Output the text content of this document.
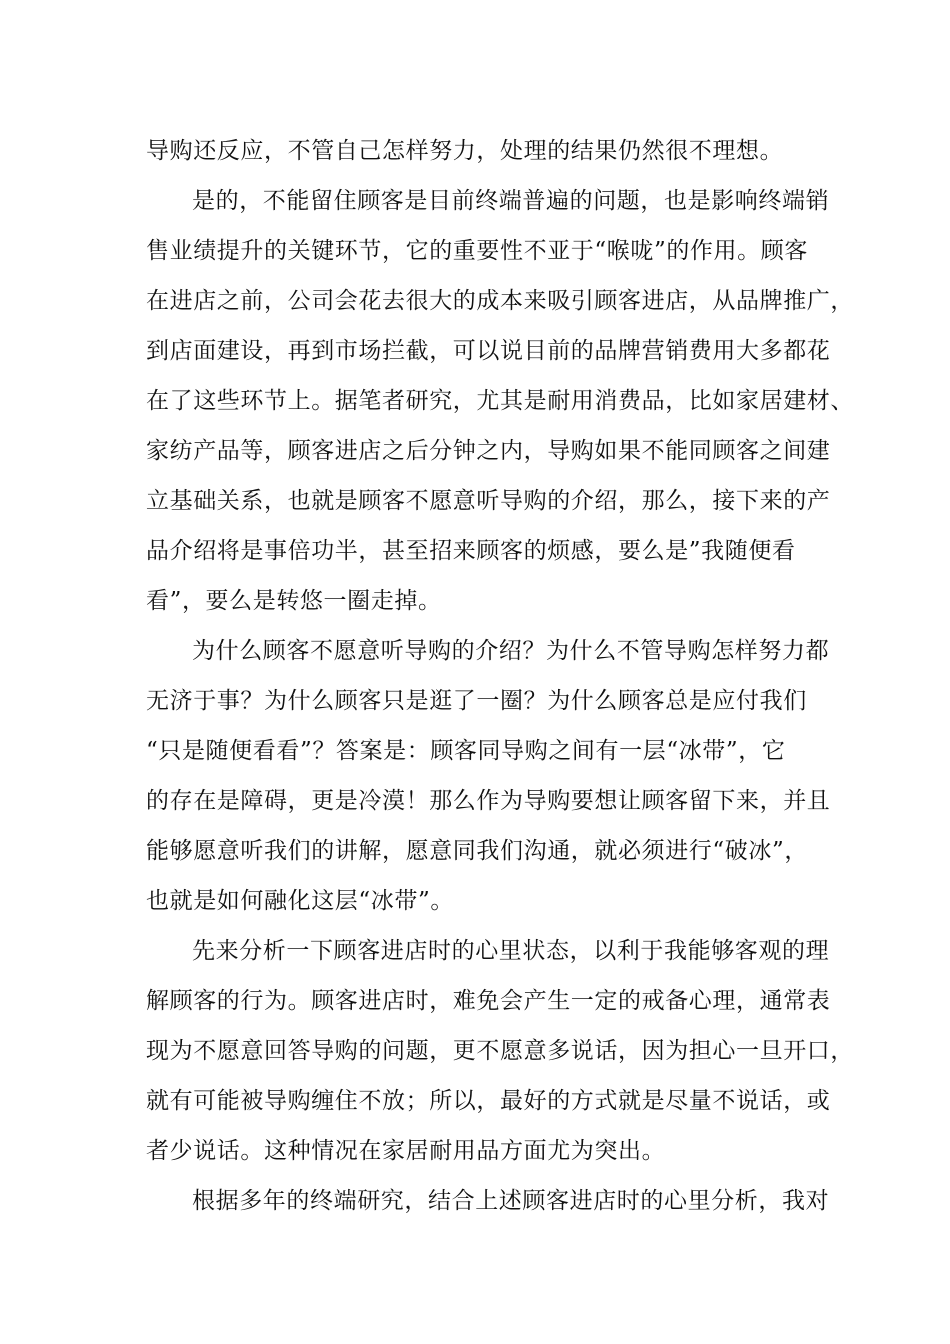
导购还反应，不管自己怎样努力，处理的结果仍然很不理想。
是的，不能留住顾客是目前终端普遍的问题，也是影响终端销
售业绩提升的关键环节，它的重要性不亚于“喉咙”的作用。顾客
在进店之前，公司会花去很大的成本来吸引顾客进店，从品牌推广，
到店面建设，再到市场拦截，可以说目前的品牌营销费用大多都花
在了这些环节上。据笔者研究，尤其是耐用消费品，比如家居建材、
家纺产品等，顾客进店之后分钟之内，导购如果不能同顾客之间建
立基础关系，也就是顾客不愿意听导购的介绍，那么，接下来的产
品介绍将是事倍功半，甚至招来顾客的烦感，要么是”我随便看
看”，要么是转悠一圈走掉。
为什么顾客不愿意听导购的介绍？为什么不管导购怎样努力都
无济于事？为什么顾客只是逛了一圈？为什么顾客总是应付我们
“只是随便看看”？答案是：顾客同导购之间有一层“冰带”，它
的存在是障碍，更是冷漠！那么作为导购要想让顾客留下来，并且
能够愿意听我们的讲解，愿意同我们沟通，就必须进行“破冰”，
也就是如何融化这层“冰带”。
先来分析一下顾客进店时的心里状态，以利于我能够客观的理
解顾客的行为。顾客进店时，难免会产生一定的戒备心理，通常表
现为不愿意回答导购的问题，更不愿意多说话，因为担心一旦开口，
就有可能被导购缠住不放；所以，最好的方式就是尽量不说话，或
者少说话。这种情况在家居耐用品方面尤为突出。
根据多年的终端研究，结合上述顾客进店时的心里分析，我对
